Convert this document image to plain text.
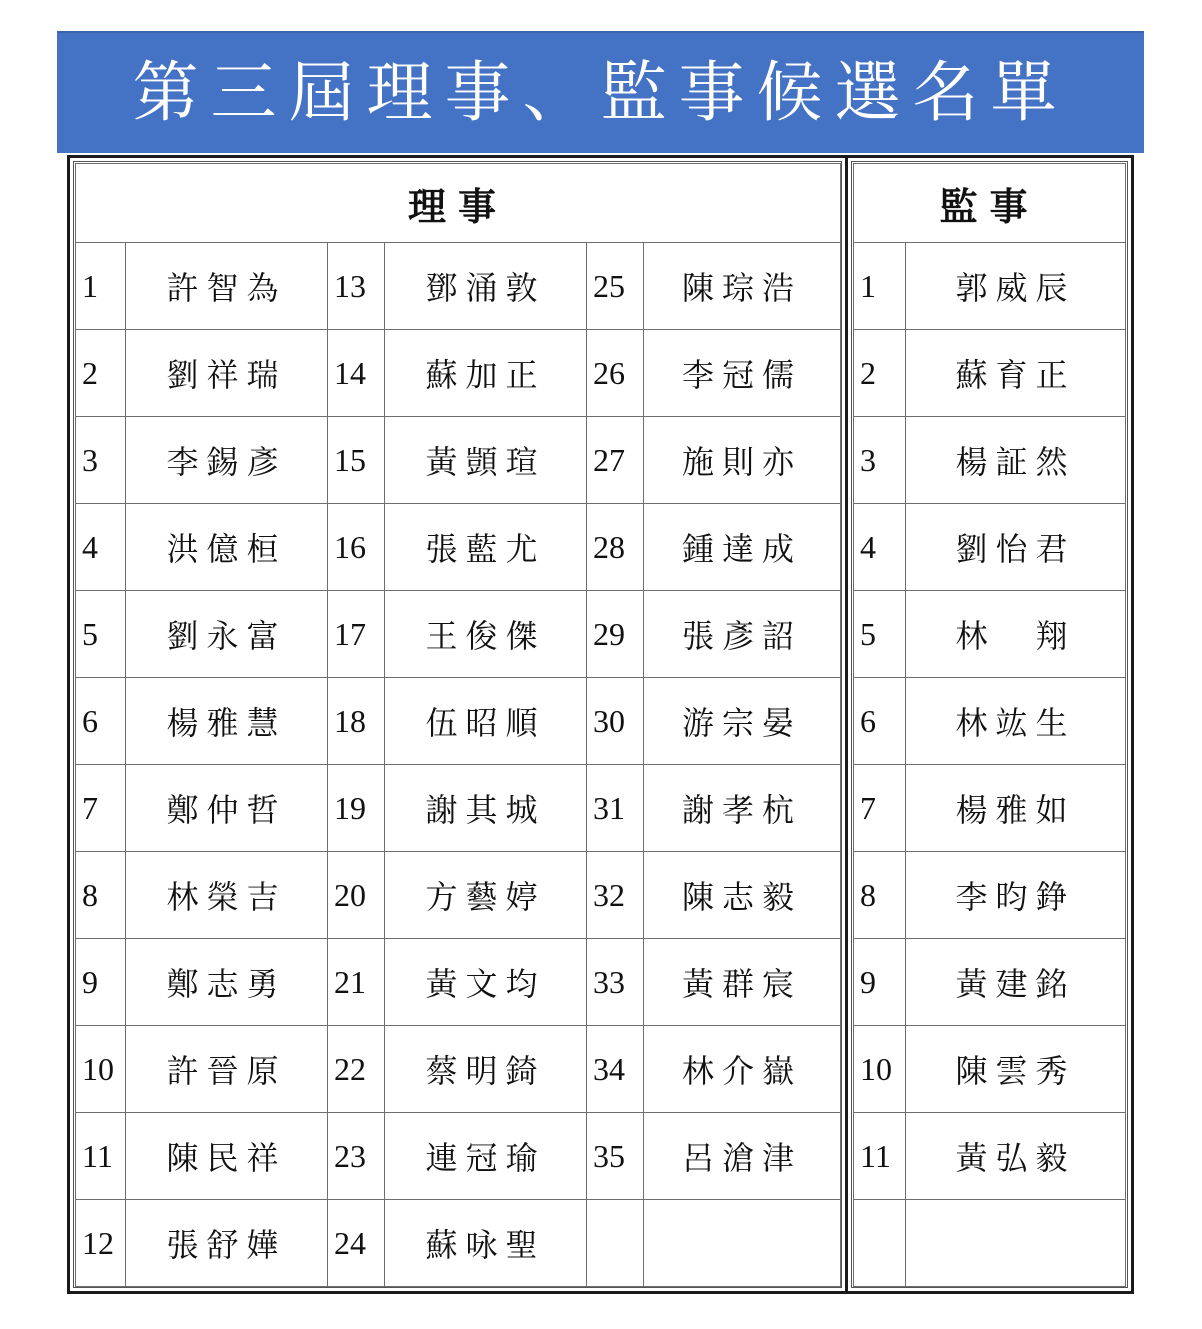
第三屆理事、監事候選名單
理事					
1	許智為	13	鄧涌敦	25	陳琮浩
2	劉祥瑞	14	蘇加正	26	李冠儒
3	李錫彥	15	黃顗瑄	27	施則亦
4	洪億桓	16	張藍尤	28	鍾達成
5	劉永富	17	王俊傑	29	張彥詔
6	楊雅慧	18	伍昭順	30	游宗晏
7	鄭仲哲	19	謝其城	31	謝孝杭
8	林榮吉	20	方藝婷	32	陳志毅
9	鄭志勇	21	黃文均	33	黃群宸
10	許晉原	22	蔡明錡	34	林介嶽
11	陳民祥	23	連冠瑜	35	呂滄津
12	張舒嬅	24	蘇咏聖		
監事	
1	郭威辰
2	蘇育正
3	楊証然
4	劉怡君
5	林　翔
6	林竑生
7	楊雅如
8	李昀錚
9	黃建銘
10	陳雲秀
11	黃弘毅
